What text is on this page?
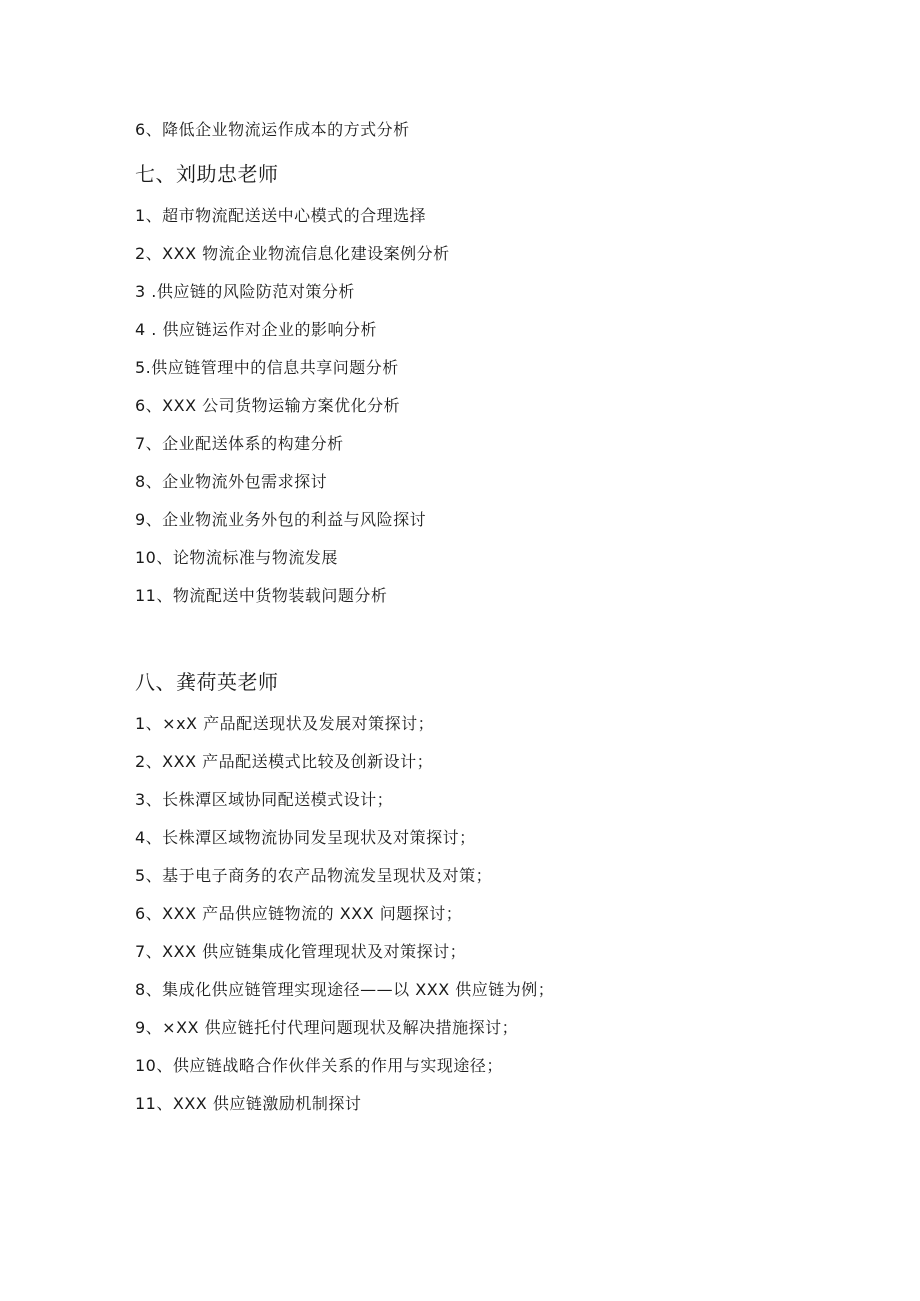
6、降低企业物流运作成本的方式分析
七、刘助忠老师
1、超市物流配送送中心模式的合理选择
2、XXX 物流企业物流信息化建设案例分析
3 .供应链的风险防范对策分析
4 . 供应链运作对企业的影响分析
5.供应链管理中的信息共享问题分析
6、XXX 公司货物运输方案优化分析
7、企业配送体系的构建分析
8、企业物流外包需求探讨
9、企业物流业务外包的利益与风险探讨
10、论物流标准与物流发展
11、物流配送中货物装载问题分析
八、龚荷英老师
1、×xX 产品配送现状及发展对策探讨；
2、XXX 产品配送模式比较及创新设计；
3、长株潭区域协同配送模式设计；
4、长株潭区域物流协同发呈现状及对策探讨；
5、基于电子商务的农产品物流发呈现状及对策；
6、XXX 产品供应链物流的 XXX 问题探讨；
7、XXX 供应链集成化管理现状及对策探讨；
8、集成化供应链管理实现途径——以 XXX 供应链为例；
9、×XX 供应链托付代理问题现状及解决措施探讨；
10、供应链战略合作伙伴关系的作用与实现途径；
11、XXX 供应链激励机制探讨
